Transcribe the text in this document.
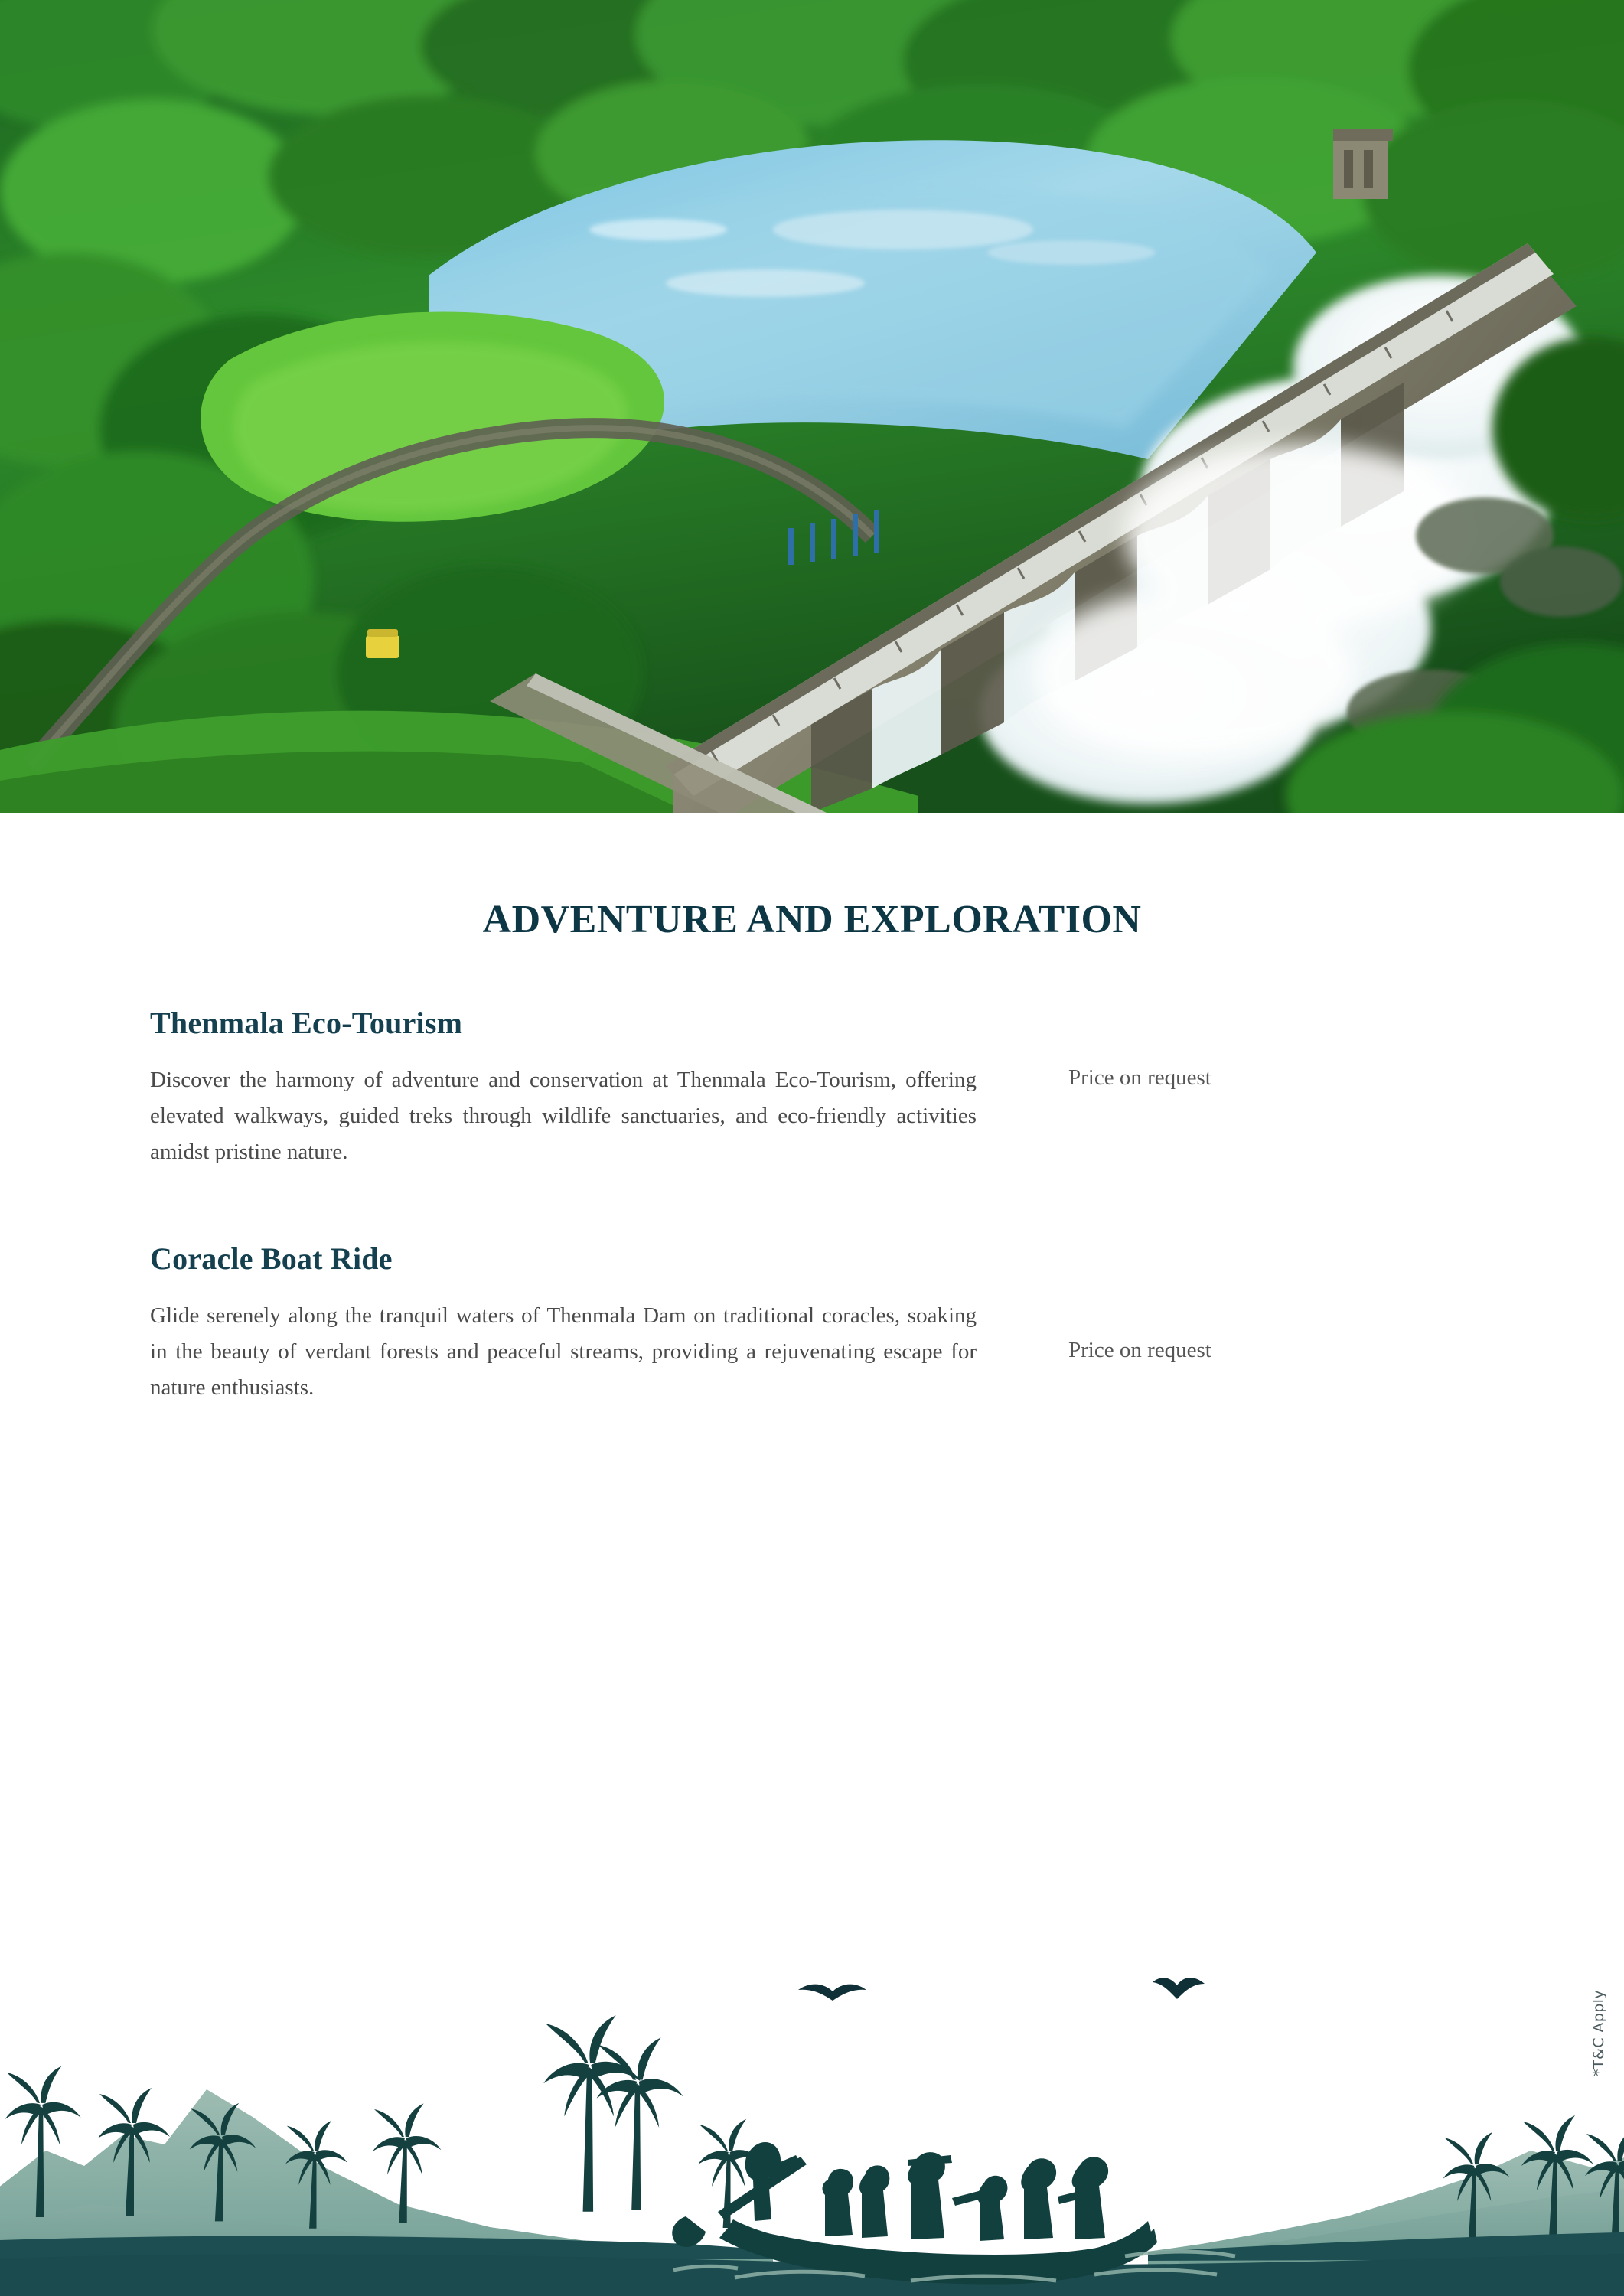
ADVENTURE AND EXPLORATION
Thenmala Eco-Tourism
Discover the harmony of adventure and conservation at Thenmala Eco-Tourism, offering elevated walkways, guided treks through wildlife sanctuaries, and eco-friendly activities amidst pristine nature.
Price on request
Coracle Boat Ride
Glide serenely along the tranquil waters of Thenmala Dam on traditional coracles, soaking in the beauty of verdant forests and peaceful streams, providing a rejuvenating escape for nature enthusiasts.
Price on request
*T&C Apply
